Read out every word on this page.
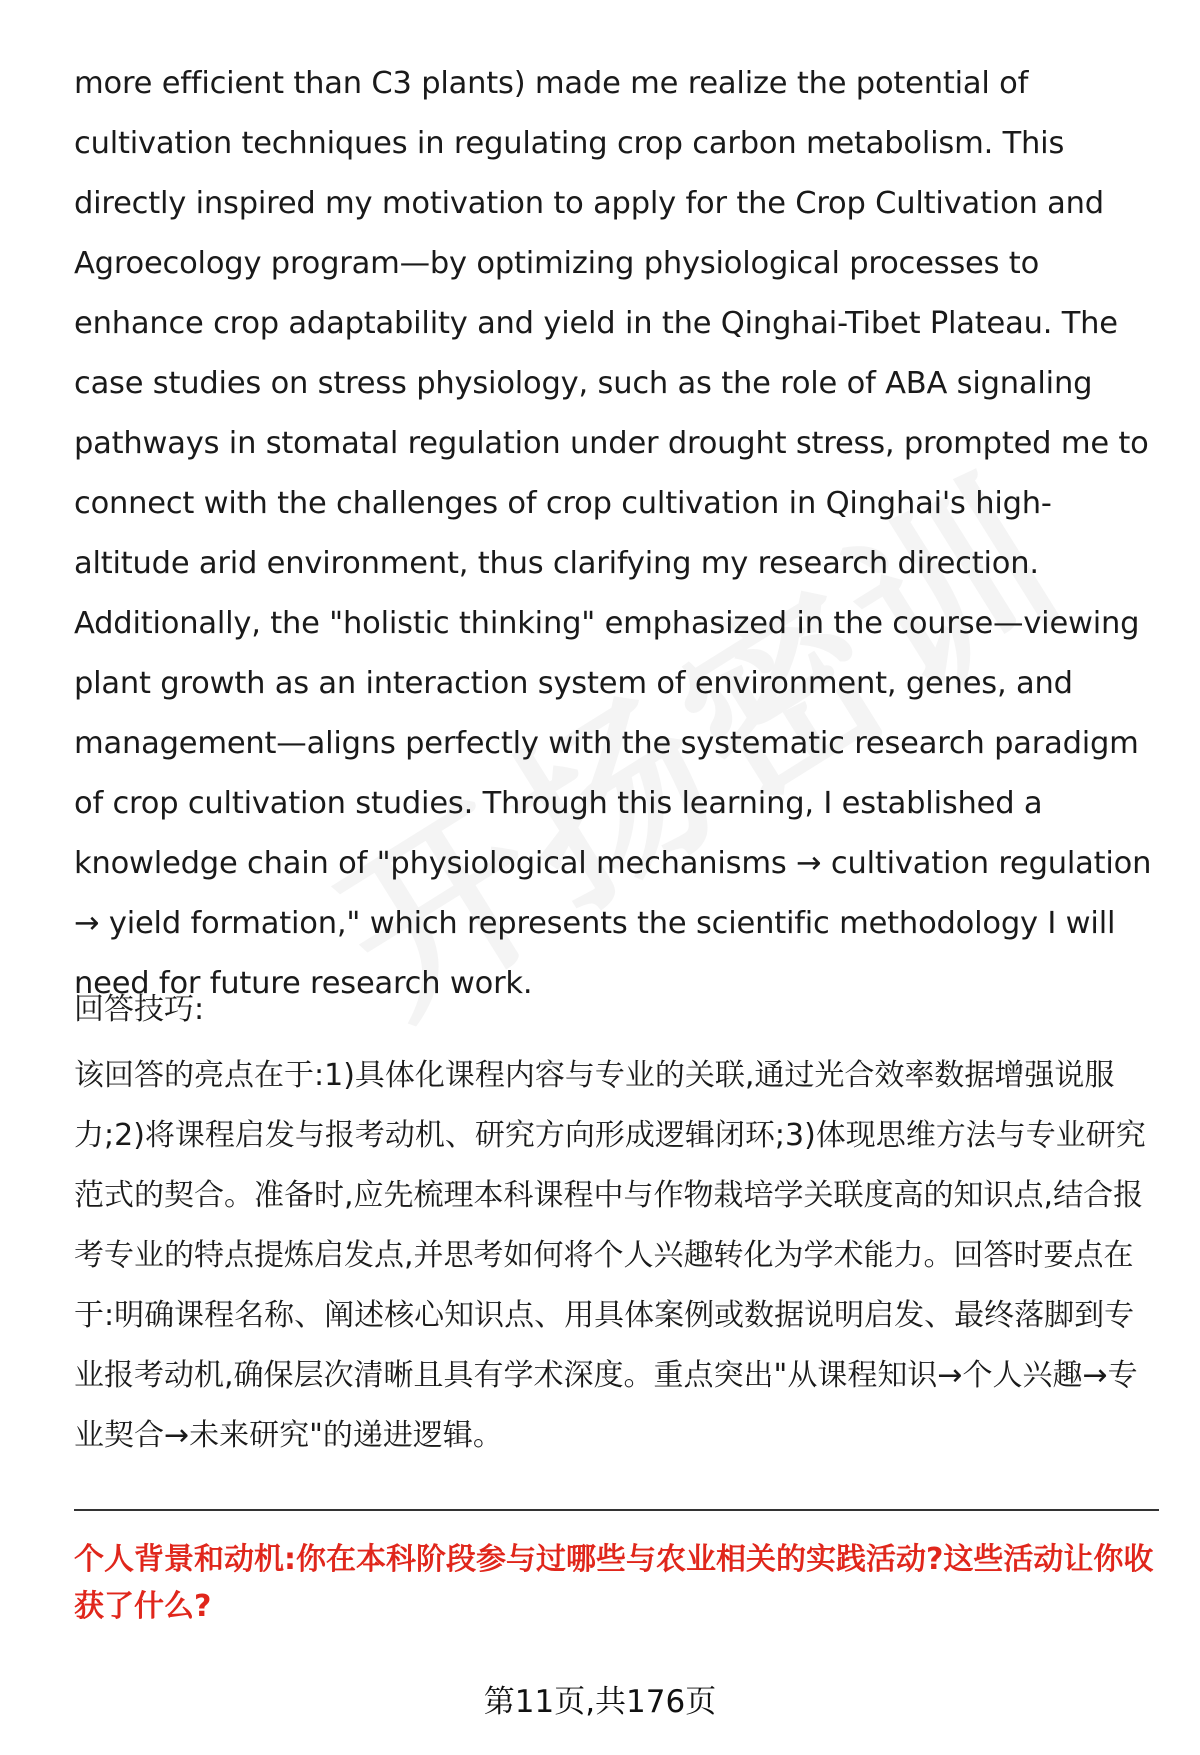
more efficient than C3 plants) made me realize the potential of cultivation techniques in regulating crop carbon metabolism. This directly inspired my motivation to apply for the Crop Cultivation and Agroecology program—by optimizing physiological processes to enhance crop adaptability and yield in the Qinghai-Tibet Plateau. The case studies on stress physiology, such as the role of ABA signaling pathways in stomatal regulation under drought stress, prompted me to connect with the challenges of crop cultivation in Qinghai's high-altitude arid environment, thus clarifying my research direction. Additionally, the "holistic thinking" emphasized in the course—viewing plant growth as an interaction system of environment, genes, and management—aligns perfectly with the systematic research paradigm of crop cultivation studies. Through this learning, I established a knowledge chain of "physiological mechanisms → cultivation regulation → yield formation," which represents the scientific methodology I will need for future research work.

回答技巧:

该回答的亮点在于:1)具体化课程内容与专业的关联,通过光合效率数据增强说服力;2)将课程启发与报考动机、研究方向形成逻辑闭环;3)体现思维方法与专业研究范式的契合。准备时,应先梳理本科课程中与作物栽培学关联度高的知识点,结合报考专业的特点提炼启发点,并思考如何将个人兴趣转化为学术能力。回答时要点在于:明确课程名称、阐述核心知识点、用具体案例或数据说明启发、最终落脚到专业报考动机,确保层次清晰且具有学术深度。重点突出"从课程知识→个人兴趣→专业契合→未来研究"的递进逻辑。

个人背景和动机:你在本科阶段参与过哪些与农业相关的实践活动?这些活动让你收获了什么?

第11页,共176页
